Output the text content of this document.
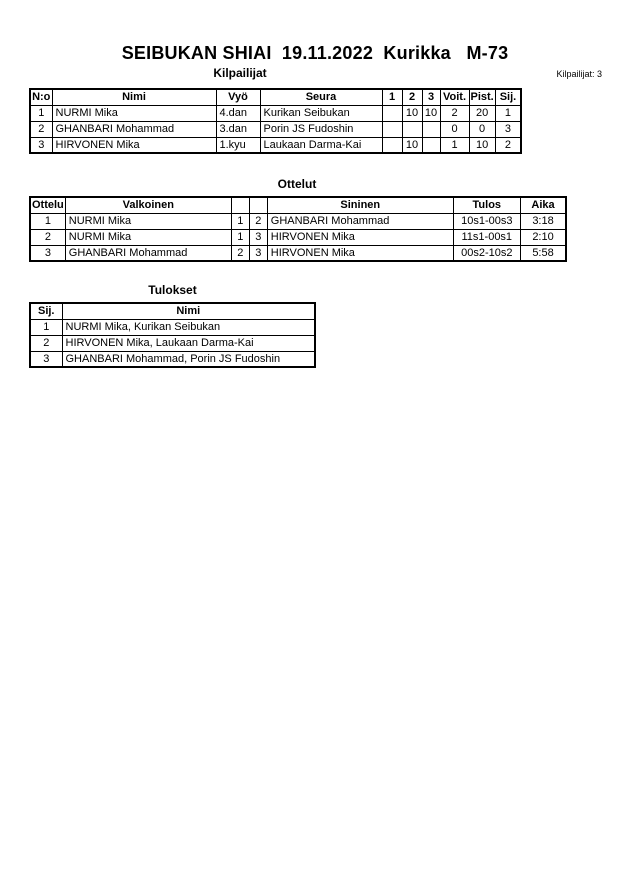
SEIBUKAN SHIAI  19.11.2022  Kurikka   M-73
Kilpailijat	Kilpailijat: 3
N:o	Nimi	Vyö	Seura	1	2	3	Voit.	Pist.	Sij.
1	NURMI Mika	4.dan	Kurikan Seibukan		10	10	2	20	1
2	GHANBARI Mohammad	3.dan	Porin JS Fudoshin				0	0	3
3	HIRVONEN Mika	1.kyu	Laukaan Darma-Kai		10		1	10	2
Ottelut
Ottelu	Valkoinen			Sininen	Tulos	Aika
1	NURMI Mika	1	2	GHANBARI Mohammad	10s1-00s3	3:18
2	NURMI Mika	1	3	HIRVONEN Mika	11s1-00s1	2:10
3	GHANBARI Mohammad	2	3	HIRVONEN Mika	00s2-10s2	5:58
Tulokset
Sij.	Nimi
1	NURMI Mika, Kurikan Seibukan
2	HIRVONEN Mika, Laukaan Darma-Kai
3	GHANBARI Mohammad, Porin JS Fudoshin
